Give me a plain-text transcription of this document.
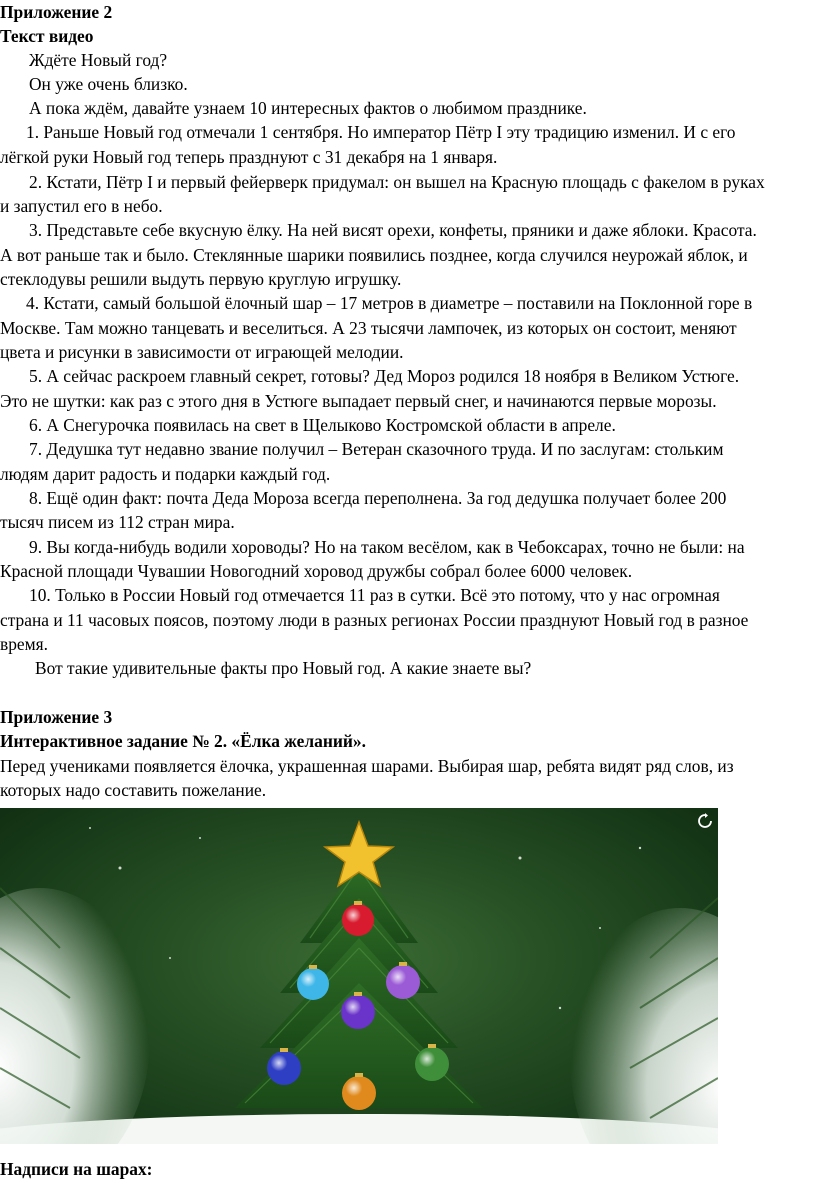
Приложение 2
Текст видео
Ждёте Новый год?
Он уже очень близко.
А пока ждём, давайте узнаем 10 интересных фактов о любимом празднике.
1. Раньше Новый год отмечали 1 сентября. Но император Пётр I эту традицию изменил. И с его
лёгкой руки Новый год теперь празднуют с 31 декабря на 1 января.
2. Кстати, Пётр I и первый фейерверк придумал: он вышел на Красную площадь с факелом в руках
и запустил его в небо.
3. Представьте себе вкусную ёлку. На ней висят орехи, конфеты, пряники и даже яблоки. Красота.
А вот раньше так и было. Стеклянные шарики появились позднее, когда случился неурожай яблок, и
стеклодувы решили выдуть первую круглую игрушку.
4. Кстати, самый большой ёлочный шар – 17 метров в диаметре – поставили на Поклонной горе в
Москве. Там можно танцевать и веселиться. А 23 тысячи лампочек, из которых он состоит, меняют
цвета и рисунки в зависимости от играющей мелодии.
5. А сейчас раскроем главный секрет, готовы? Дед Мороз родился 18 ноября в Великом Устюге.
Это не шутки: как раз с этого дня в Устюге выпадает первый снег, и начинаются первые морозы.
6. А Снегурочка появилась на свет в Щелыково Костромской области в апреле.
7. Дедушка тут недавно звание получил – Ветеран сказочного труда. И по заслугам: стольким
людям дарит радость и подарки каждый год.
8. Ещё один факт: почта Деда Мороза всегда переполнена. За год дедушка получает более 200
тысяч писем из 112 стран мира.
9. Вы когда-нибудь водили хороводы? Но на таком весёлом, как в Чебоксарах, точно не были: на
Красной площади Чувашии Новогодний хоровод дружбы собрал более 6000 человек.
10. Только в России Новый год отмечается 11 раз в сутки. Всё это потому, что у нас огромная
страна и 11 часовых поясов, поэтому люди в разных регионах России празднуют Новый год в разное
время.
Вот такие удивительные факты про Новый год. А какие знаете вы?
Приложение 3
Интерактивное задание № 2. «Ёлка желаний».
Перед учениками появляется ёлочка, украшенная шарами. Выбирая шар, ребята видят ряд слов, из
которых надо составить пожелание.
Надписи на шарах:
